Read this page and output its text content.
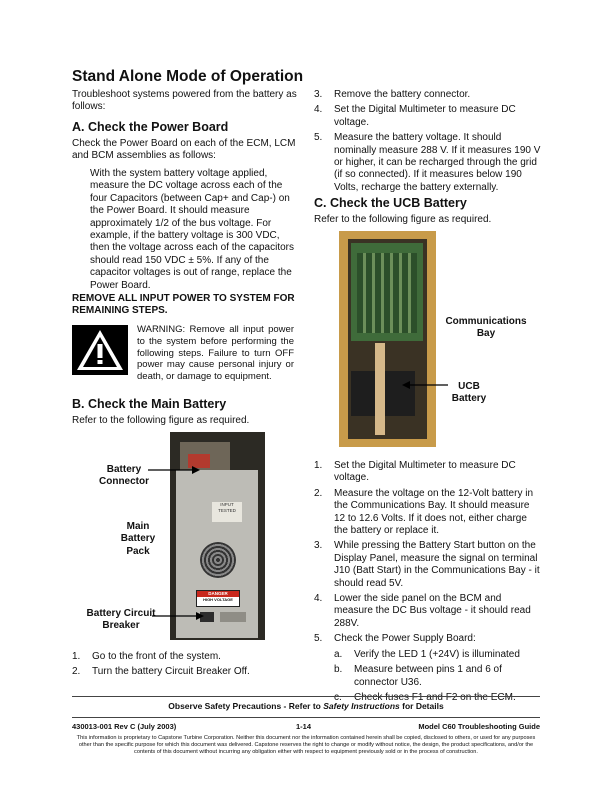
Stand Alone Mode of Operation

Troubleshoot systems powered from the battery as follows:

A. Check the Power Board

Check the Power Board on each of the ECM, LCM and BCM assemblies as follows:

With the system battery voltage applied, measure the DC voltage across each of the four Capacitors (between Cap+ and Cap-) on the Power Board. It should measure approximately 1/2 of the bus voltage. For example, if the battery voltage is 300 VDC, then the voltage across each of the capacitors should read 150 VDC ± 5%. If any of the capacitor voltages is out of range, replace the Power Board.

REMOVE ALL INPUT POWER TO SYSTEM FOR REMAINING STEPS.

WARNING: Remove all input power to the system before performing the following steps. Failure to turn OFF power may cause personal injury or death, or damage to equipment.

B. Check the Main Battery

Refer to the following figure as required.

INPUT TESTED
DANGER
HIGH VOLTAGE
Battery Connector
Main Battery Pack
Battery Circuit Breaker
1. Go to the front of the system.
2. Turn the battery Circuit Breaker Off.
3. Remove the battery connector.
4. Set the Digital Multimeter to measure DC voltage.
5. Measure the battery voltage. It should nominally measure 288 V. If it measures 190 V or higher, it can be recharged through the grid (if so connected). If it measures below 190 Volts, recharge the battery externally.
C. Check the UCB Battery

Refer to the following figure as required.

Communications Bay
UCB Battery
1. Set the Digital Multimeter to measure DC voltage.
2. Measure the voltage on the 12-Volt battery in the Communications Bay. It should measure 12 to 12.6 Volts. If it does not, either charge the battery or replace it.
3. While pressing the Battery Start button on the Display Panel, measure the signal on terminal J10 (Batt Start) in the Communications Bay - it should read 5V.
4. Lower the side panel on the BCM and measure the DC Bus voltage - it should read 288V.
5. Check the Power Supply Board:
a. Verify the LED 1 (+24V) is illuminated
b. Measure between pins 1 and 6 of connector U36.
c. Check fuses F1 and F2 on the ECM.
Observe Safety Precautions - Refer to Safety Instructions for Details
430013-001 Rev C (July 2003)	1-14	Model C60 Troubleshooting Guide
This information is proprietary to Capstone Turbine Corporation. Neither this document nor the information contained herein shall be copied, disclosed to others, or used for any purposes other than the specific purpose for which this document was delivered. Capstone reserves the right to change or modify without notice, the design, the product specifications, and/or the contents of this document without incurring any obligation either with respect to equipment previously sold or in the process of construction.
